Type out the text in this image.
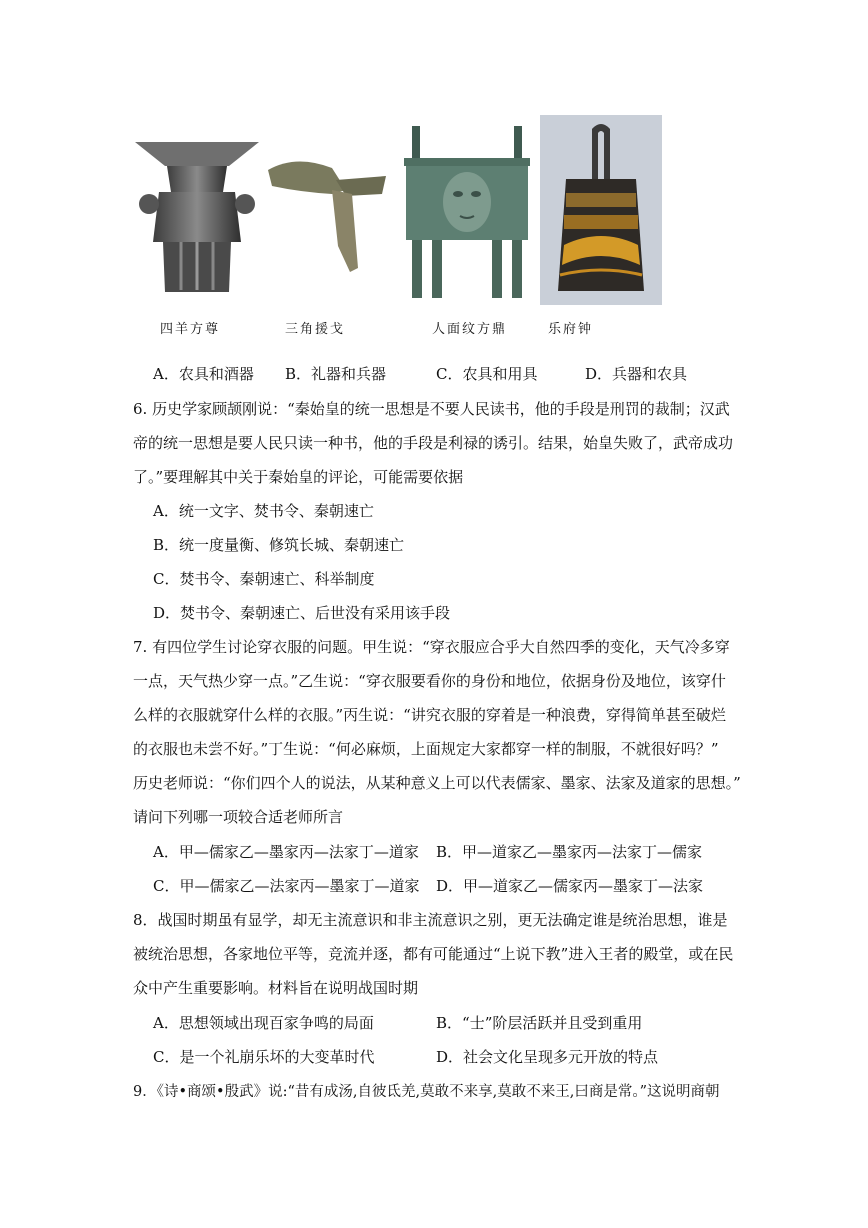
四羊方尊	三角援戈	人面纹方鼎	乐府钟
A．农具和酒器 B．礼器和兵器	C．农具和用具	D．兵器和农具
6. 历史学家顾颉刚说：“秦始皇的统一思想是不要人民读书，他的手段是刑罚的裁制；汉武
帝的统一思想是要人民只读一种书，他的手段是利禄的诱引。结果，始皇失败了，武帝成功
了。”要理解其中关于秦始皇的评论，可能需要依据
A．统一文字、焚书令、秦朝速亡
B．统一度量衡、修筑长城、秦朝速亡
C．焚书令、秦朝速亡、科举制度
D．焚书令、秦朝速亡、后世没有采用该手段
7. 有四位学生讨论穿衣服的问题。甲生说：“穿衣服应合乎大自然四季的变化，天气冷多穿
一点，天气热少穿一点。”乙生说：“穿衣服要看你的身份和地位，依据身份及地位，该穿什
么样的衣服就穿什么样的衣服。”丙生说：“讲究衣服的穿着是一种浪费，穿得简单甚至破烂
的衣服也未尝不好。”丁生说：“何必麻烦，上面规定大家都穿一样的制服，不就很好吗？”
历史老师说：“你们四个人的说法，从某种意义上可以代表儒家、墨家、法家及道家的思想。”
请问下列哪一项较合适老师所言
A．甲—儒家乙—墨家丙—法家丁—道家 B．甲—道家乙—墨家丙—法家丁—儒家
C．甲—儒家乙—法家丙—墨家丁—道家 D．甲—道家乙—儒家丙—墨家丁—法家
8．战国时期虽有显学，却无主流意识和非主流意识之别，更无法确定谁是统治思想，谁是
被统治思想，各家地位平等，竞流并逐，都有可能通过“上说下教”进入王者的殿堂，或在民
众中产生重要影响。材料旨在说明战国时期
A．思想领域出现百家争鸣的局面	B．“士”阶层活跃并且受到重用
C．是一个礼崩乐坏的大变革时代	D．社会文化呈现多元开放的特点
9．《诗•商颂•殷武》说:“昔有成汤,自彼氐羌,莫敢不来享,莫敢不来王,曰商是常。”这说明商朝
